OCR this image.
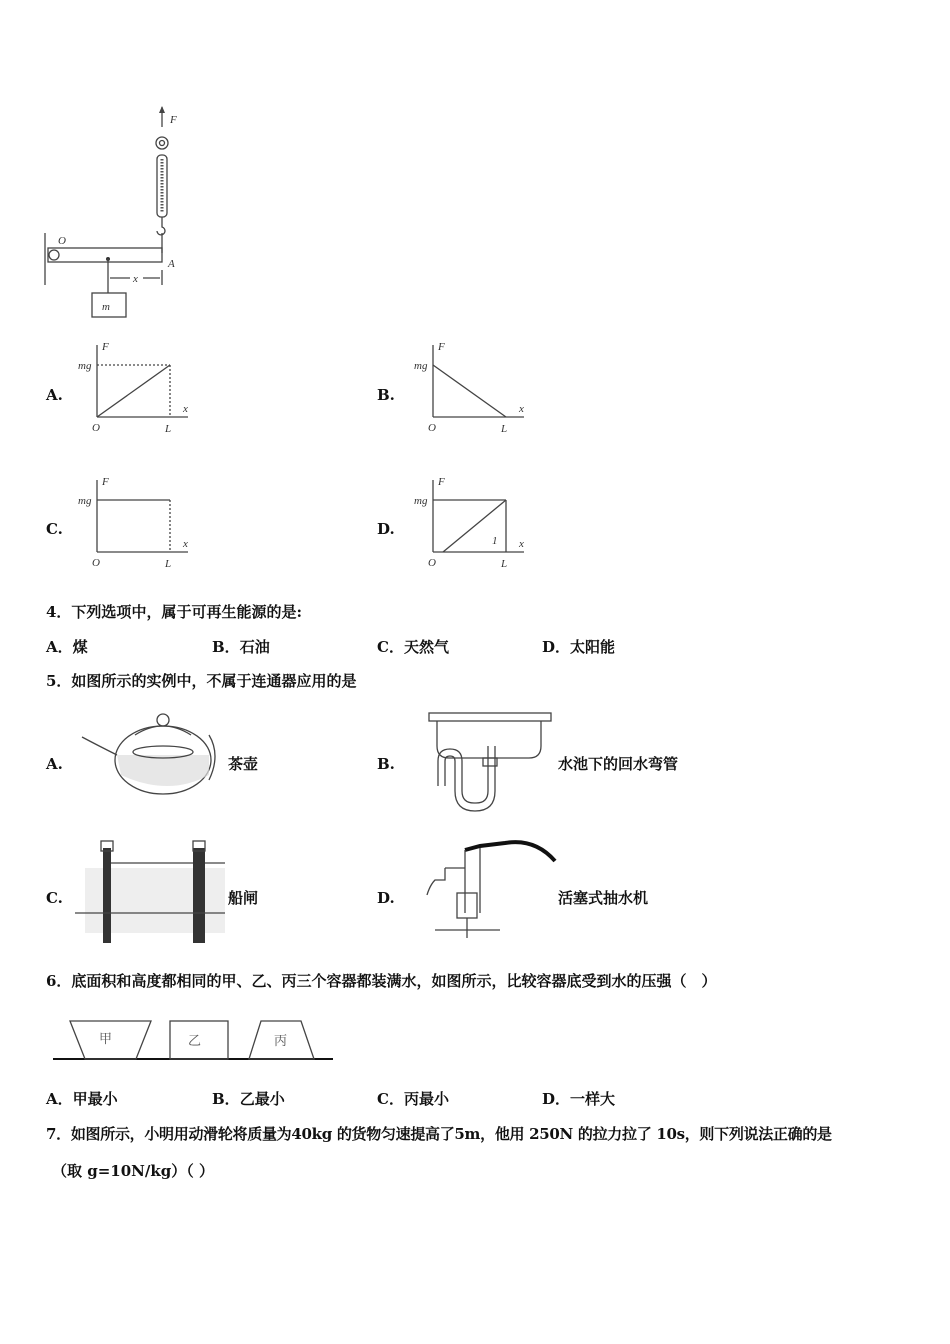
F
O
A
x
m
A.
F
x
mg
O	L
B.
F
x
mg
O	L
C.
F
x
mg
O	L
D.
F
x
mg
O	L
1
4．下列选项中，属于可再生能源的是:
A．煤	B．石油	C．天然气	D．太阳能
5．如图所示的实例中，不属于连通器应用的是
A.	茶壶	B.	水池下的回水弯管
C.	船闸	D.	活塞式抽水机
6．底面积和高度都相同的甲、乙、丙三个容器都装满水，如图所示，比较容器底受到水的压强（　）
甲	乙	丙
A．甲最小	B．乙最小	C．丙最小	D．一样大
7．如图所示，小明用动滑轮将质量为40kg 的货物匀速提高了5m，他用 250N 的拉力拉了 10s，则下列说法正确的是
（取 g=10N/kg）（ ）
